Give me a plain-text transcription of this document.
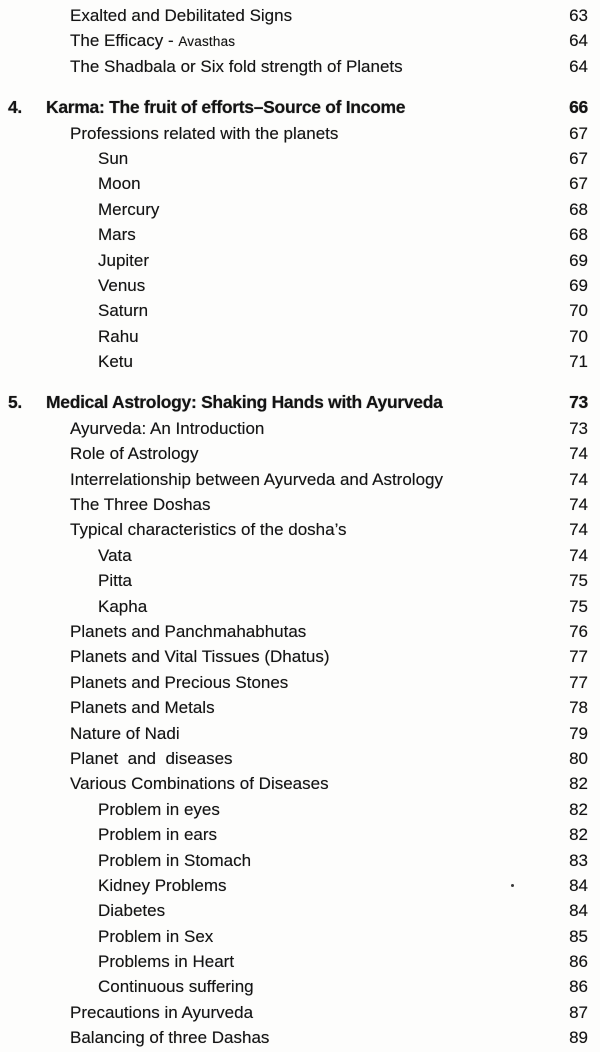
Exalted and Debilitated Signs	63
The Efficacy - Avasthas	64
The Shadbala or Six fold strength of Planets	64
4. Karma: The fruit of efforts–Source of Income	66
Professions related with the planets	67
Sun	67
Moon	67
Mercury	68
Mars	68
Jupiter	69
Venus	69
Saturn	70
Rahu	70
Ketu	71
5. Medical Astrology: Shaking Hands with Ayurveda	73
Ayurveda: An Introduction	73
Role of Astrology	74
Interrelationship between Ayurveda and Astrology	74
The Three Doshas	74
Typical characteristics of the dosha’s	74
Vata	74
Pitta	75
Kapha	75
Planets and Panchmahabhutas	76
Planets and Vital Tissues (Dhatus)	77
Planets and Precious Stones	77
Planets and Metals	78
Nature of Nadi	79
Planet  and  diseases	80
Various Combinations of Diseases	82
Problem in eyes	82
Problem in ears	82
Problem in Stomach	83
Kidney Problems	84
Diabetes	84
Problem in Sex	85
Problems in Heart	86
Continuous suffering	86
Precautions in Ayurveda	87
Balancing of three Dashas	89
